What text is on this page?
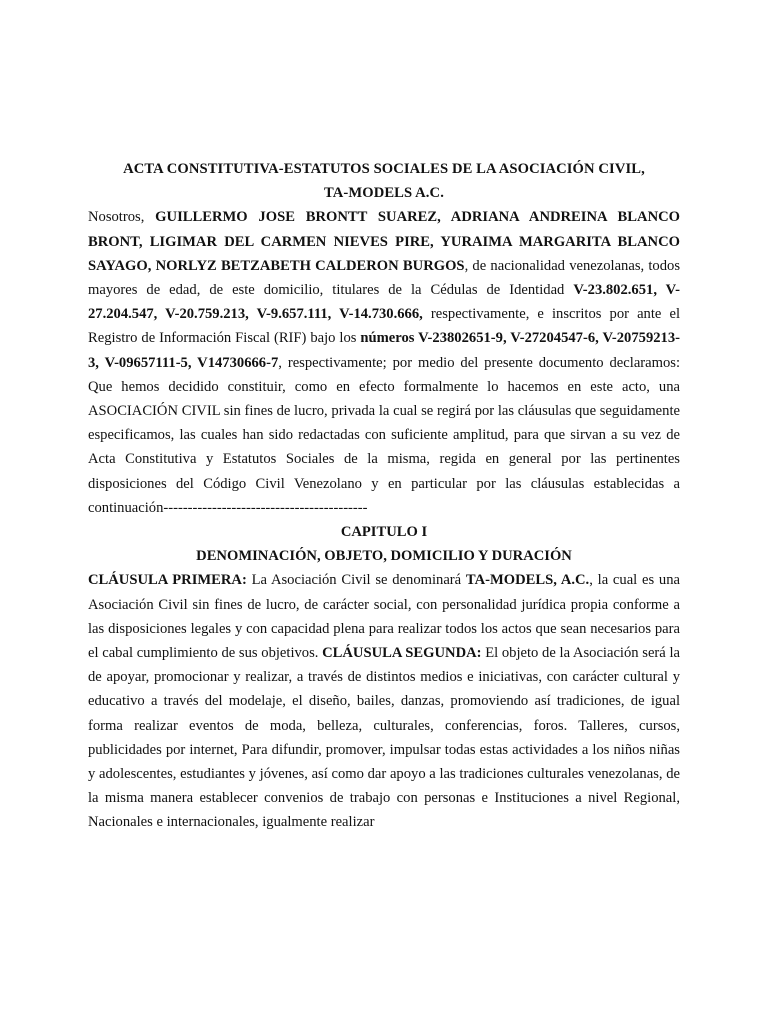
ACTA CONSTITUTIVA-ESTATUTOS SOCIALES DE LA ASOCIACIÓN CIVIL,
TA-MODELS A.C.

Nosotros, GUILLERMO JOSE BRONTT SUAREZ, ADRIANA ANDREINA BLANCO BRONT, LIGIMAR DEL CARMEN NIEVES PIRE, YURAIMA MARGARITA BLANCO SAYAGO, NORLYZ BETZABETH CALDERON BURGOS, de nacionalidad venezolanas, todos mayores de edad, de este domicilio, titulares de la Cédulas de Identidad V-23.802.651, V-27.204.547, V-20.759.213, V-9.657.111, V-14.730.666, respectivamente, e inscritos por ante el Registro de Información Fiscal (RIF) bajo los números V-23802651-9, V-27204547-6, V-20759213-3, V-09657111-5, V14730666-7, respectivamente; por medio del presente documento declaramos: Que hemos decidido constituir, como en efecto formalmente lo hacemos en este acto, una ASOCIACIÓN CIVIL sin fines de lucro, privada la cual se regirá por las cláusulas que seguidamente especificamos, las cuales han sido redactadas con suficiente amplitud, para que sirvan a su vez de Acta Constitutiva y Estatutos Sociales de la misma, regida en general por las pertinentes disposiciones del Código Civil Venezolano y en particular por las cláusulas establecidas a continuación------------------------------------------

CAPITULO I
DENOMINACIÓN, OBJETO, DOMICILIO Y DURACIÓN

CLÁUSULA PRIMERA: La Asociación Civil se denominará TA-MODELS, A.C., la cual es una Asociación Civil sin fines de lucro, de carácter social, con personalidad jurídica propia conforme a las disposiciones legales y con capacidad plena para realizar todos los actos que sean necesarios para el cabal cumplimiento de sus objetivos. CLÁUSULA SEGUNDA: El objeto de la Asociación será la de apoyar, promocionar y realizar, a través de distintos medios e iniciativas, con carácter cultural y educativo a través del modelaje, el diseño, bailes, danzas, promoviendo así tradiciones, de igual forma realizar eventos de moda, belleza, culturales, conferencias, foros. Talleres, cursos, publicidades por internet, Para difundir, promover, impulsar todas estas actividades a los niños niñas y adolescentes, estudiantes y jóvenes, así como dar apoyo a las tradiciones culturales venezolanas, de la misma manera establecer convenios de trabajo con personas e Instituciones a nivel Regional, Nacionales e internacionales, igualmente realizar
